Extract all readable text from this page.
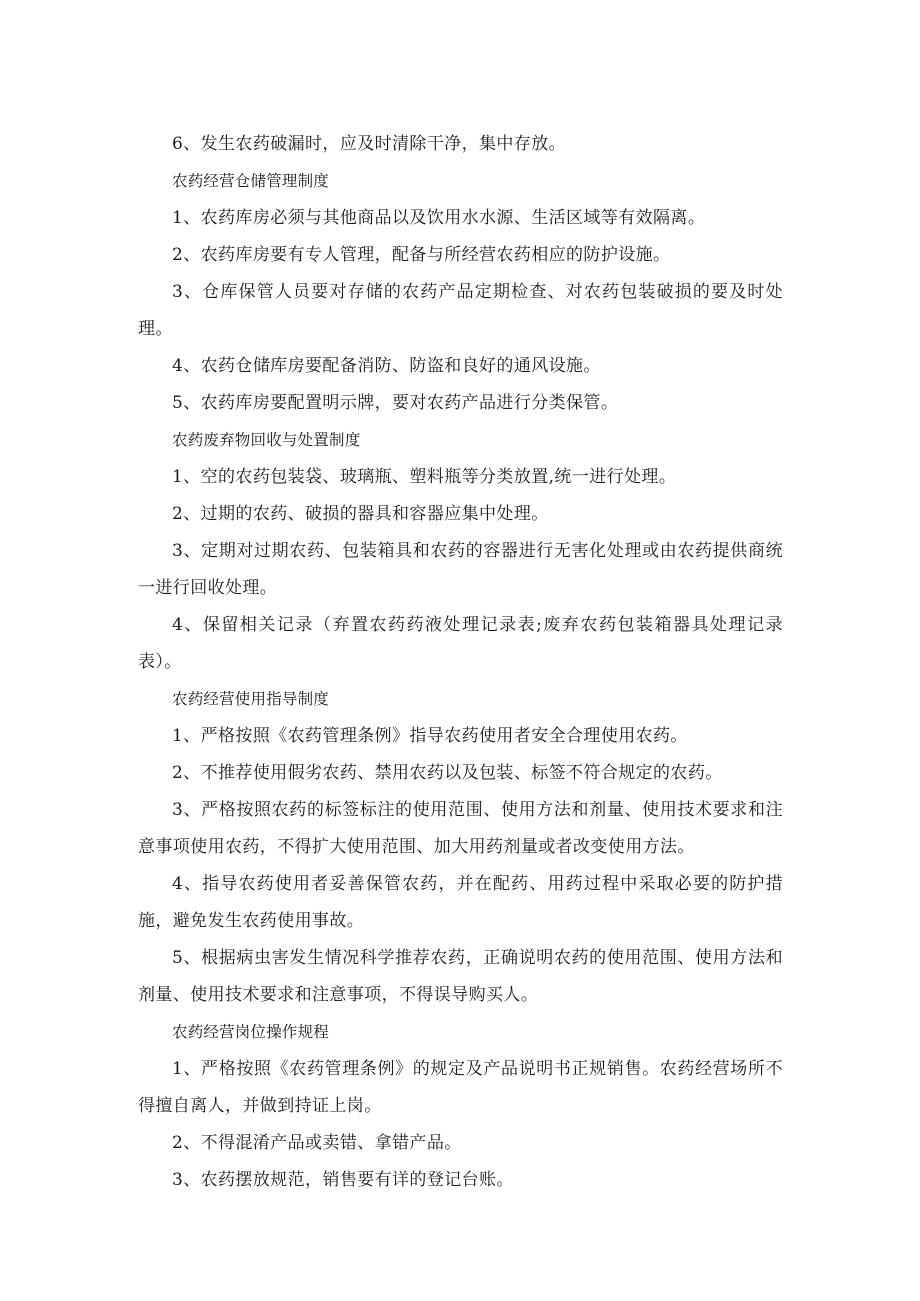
6、发生农药破漏时，应及时清除干净，集中存放。

农药经营仓储管理制度

1、农药库房必须与其他商品以及饮用水水源、生活区域等有效隔离。

2、农药库房要有专人管理，配备与所经营农药相应的防护设施。

3、仓库保管人员要对存储的农药产品定期检查、对农药包装破损的要及时处理。

4、农药仓储库房要配备消防、防盗和良好的通风设施。

5、农药库房要配置明示牌，要对农药产品进行分类保管。

农药废弃物回收与处置制度

1、空的农药包装袋、玻璃瓶、塑料瓶等分类放置,统一进行处理。

2、过期的农药、破损的器具和容器应集中处理。

3、定期对过期农药、包装箱具和农药的容器进行无害化处理或由农药提供商统一进行回收处理。

4、保留相关记录（弃置农药药液处理记录表;废弃农药包装箱器具处理记录表）。

农药经营使用指导制度

1、严格按照《农药管理条例》指导农药使用者安全合理使用农药。

2、不推荐使用假劣农药、禁用农药以及包装、标签不符合规定的农药。

3、严格按照农药的标签标注的使用范围、使用方法和剂量、使用技术要求和注意事项使用农药，不得扩大使用范围、加大用药剂量或者改变使用方法。

4、指导农药使用者妥善保管农药，并在配药、用药过程中采取必要的防护措施，避免发生农药使用事故。

5、根据病虫害发生情况科学推荐农药，正确说明农药的使用范围、使用方法和剂量、使用技术要求和注意事项，不得误导购买人。

农药经营岗位操作规程

1、严格按照《农药管理条例》的规定及产品说明书正规销售。农药经营场所不得擅自离人，并做到持证上岗。

2、不得混淆产品或卖错、拿错产品。

3、农药摆放规范，销售要有详的登记台账。
